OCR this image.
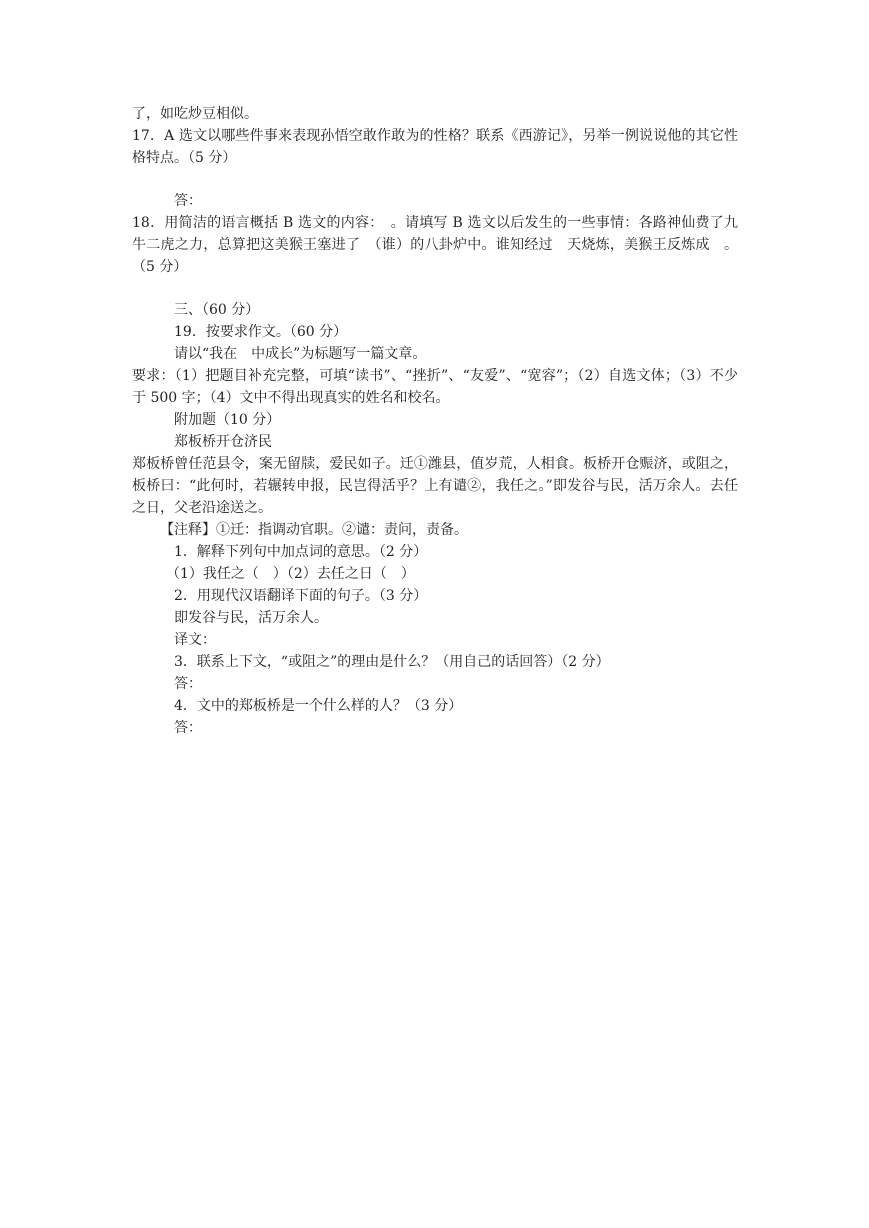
了，如吃炒豆相似。
17．A 选文以哪些件事来表现孙悟空敢作敢为的性格？联系《西游记》，另举一例说说他的其它性格特点。（5 分）
答：
18．用简洁的语言概括 B 选文的内容：　。请填写 B 选文以后发生的一些事情：各路神仙费了九牛二虎之力，总算把这美猴王塞进了　（谁）的八卦炉中。谁知经过　天烧炼，美猴王反炼成　。（5 分）
三、（60 分）
19．按要求作文。（60 分）
请以“我在　中成长”为标题写一篇文章。
要求：（1）把题目补充完整，可填“读书”、“挫折”、“友爱”、“宽容”；（2）自选文体；（3）不少于 500 字；（4）文中不得出现真实的姓名和校名。
附加题（10 分）
郑板桥开仓济民
郑板桥曾任范县令，案无留牍，爱民如子。迁①潍县，值岁荒，人相食。板桥开仓赈济，或阻之，板桥曰：“此何时，若辗转申报，民岂得活乎？上有谴②，我任之。”即发谷与民，活万余人。去任之日，父老沿途送之。
【注释】①迁：指调动官职。②谴：责问，责备。
1．解释下列句中加点词的意思。（2 分）
（1）我任之（　）（2）去任之日（　）
2．用现代汉语翻译下面的句子。（3 分）
即发谷与民，活万余人。
译文：
3．联系上下文，“或阻之”的理由是什么？（用自己的话回答）（2 分）
答：
4．文中的郑板桥是一个什么样的人？（3 分）
答：
